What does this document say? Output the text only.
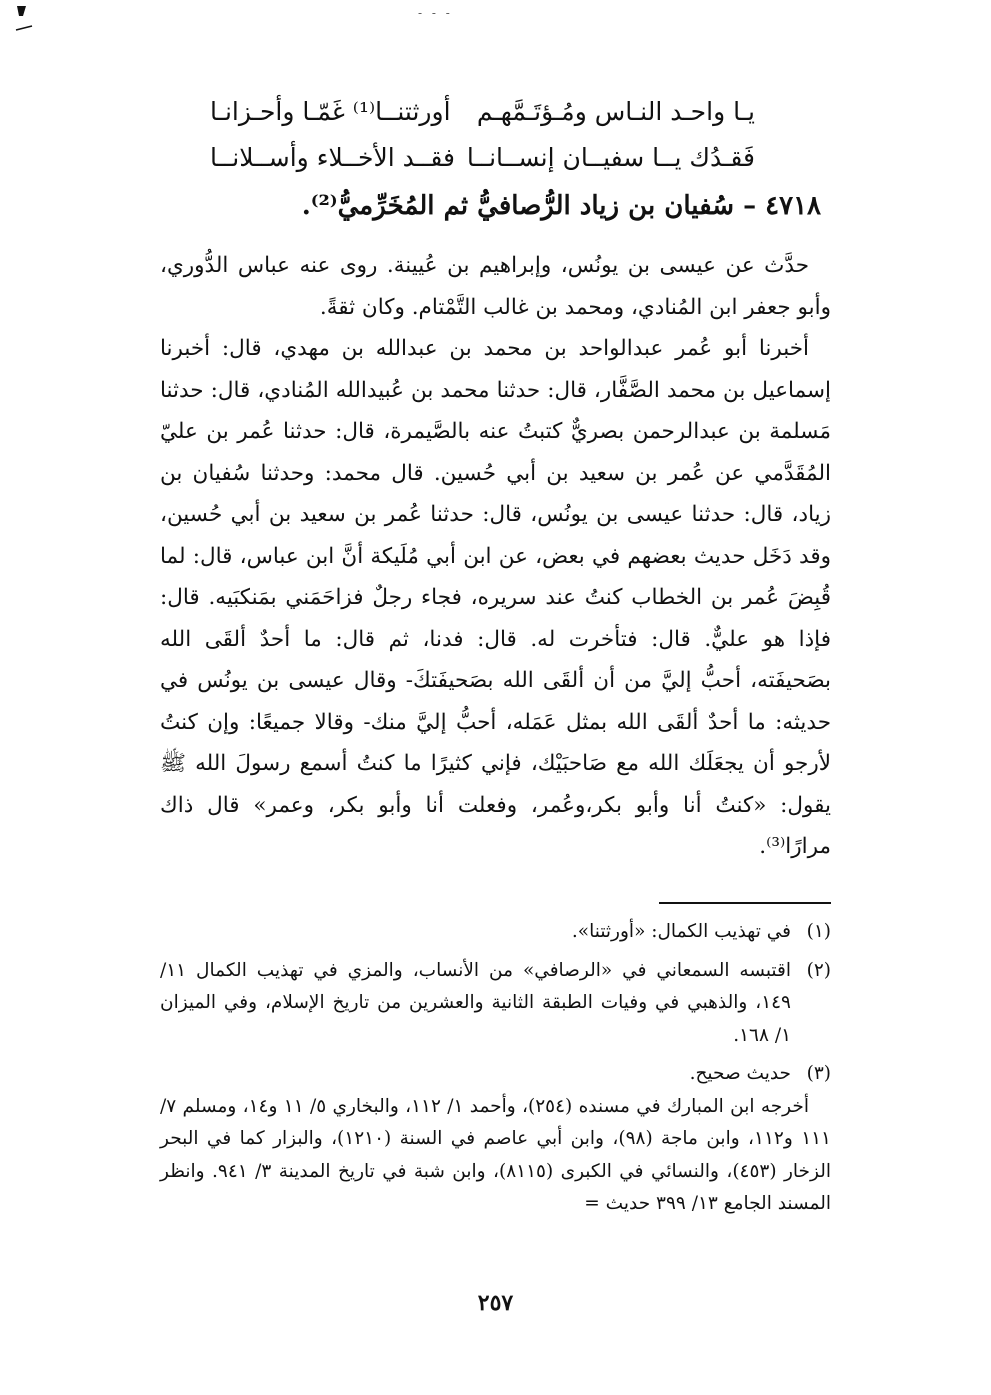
- - -
يـا واحـد النـاس ومُـؤتَـمَّهـم
أورثتنــا⁽¹⁾ غَمّـا وأحـزانـا
فَقـدُك يــا سفيــان إنســانــا
فقــد الأخــلاء وأســلانــا
٤٧١٨ – سُفيان بن زياد الرُّصافيُّ ثم المُخَرِّميُّ⁽²⁾.

حدَّث عن عيسى بن يونُس، وإبراهيم بن عُيينة. روى عنه عباس الدُّوري، وأبو جعفر ابن المُنادي، ومحمد بن غالب التَّمْتام. وكان ثقةً.

أخبرنا أبو عُمر عبدالواحد بن محمد بن عبدالله بن مهدي، قال: أخبرنا إسماعيل بن محمد الصَّفَّار، قال: حدثنا محمد بن عُبيدالله المُنادي، قال: حدثنا مَسلمة بن عبدالرحمن بصريٌّ كتبتُ عنه بالصَّيمرة، قال: حدثنا عُمر بن عليّ المُقَدَّمي عن عُمر بن سعيد بن أبي حُسين. قال محمد: وحدثنا سُفيان بن زياد، قال: حدثنا عيسى بن يونُس، قال: حدثنا عُمر بن سعيد بن أبي حُسين، وقد دَخَل حديث بعضهم في بعض، عن ابن أبي مُلَيكة أنَّ ابن عباس، قال: لما قُبِضَ عُمر بن الخطاب كنتُ عند سريره، فجاء رجلٌ فزاحَمَني بمَنكبَيه. قال: فإذا هو عليٌّ. قال: فتأخرت له. قال: فدنا، ثم قال: ما أحدٌ ألقَى الله بصَحيفَته، أحبُّ إليَّ من أن ألقَى الله بصَحيفَتكَ- وقال عيسى بن يونُس في حديثه: ما أحدٌ ألقَى الله بمثل عَمَله، أحبُّ إليَّ منك- وقالا جميعًا: وإن كنتُ لأرجو أن يجعَلَك الله مع صَاحبَيْك، فإني كثيرًا ما كنتُ أسمع رسولَ الله ﷺ يقول: «كنتُ أنا وأبو بكر،وعُمر، وفعلت أنا وأبو بكر، وعمر» قال ذاك مرارًا⁽³⁾.

(١)
في تهذيب الكمال: «أورثتنا».
(٢)
اقتبسه السمعاني في «الرصافي» من الأنساب، والمزي في تهذيب الكمال ١١/ ١٤٩، والذهبي في وفيات الطبقة الثانية والعشرين من تاريخ الإسلام، وفي الميزان ١/ ١٦٨.
(٣)
حديث صحيح.
أخرجه ابن المبارك في مسنده (٢٥٤)، وأحمد ١/ ١١٢، والبخاري ٥/ ١١ و١٤، ومسلم ٧/ ١١١ و١١٢، وابن ماجة (٩٨)، وابن أبي عاصم في السنة (١٢١٠)، والبزار كما في البحر الزخار (٤٥٣)، والنسائي في الكبرى (٨١١٥)، وابن شبة في تاريخ المدينة ٣/ ٩٤١. وانظر المسند الجامع ١٣/ ٣٩٩ حديث =
٢٥٧
